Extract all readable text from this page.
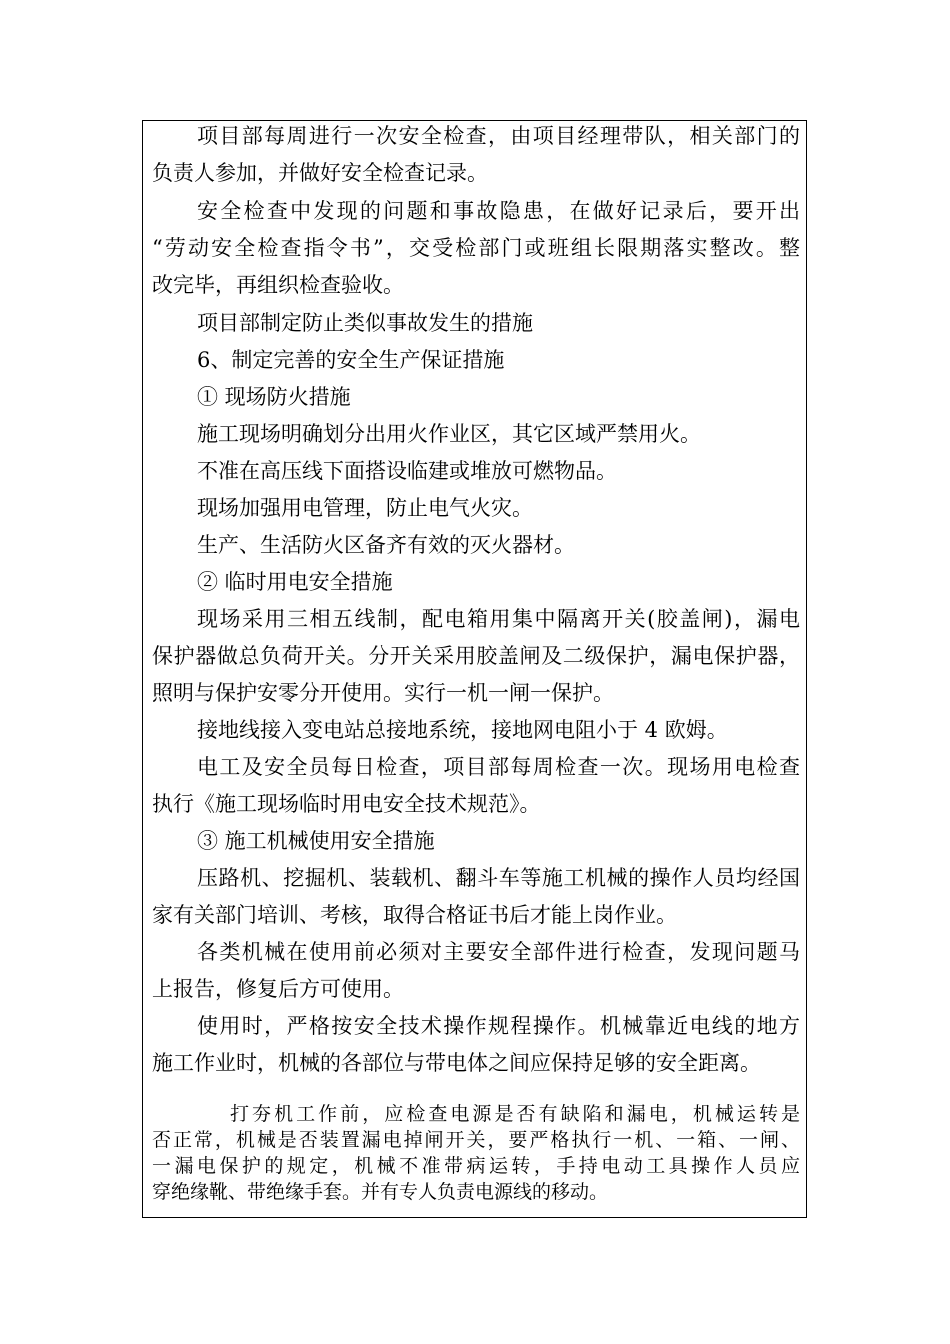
项目部每周进行一次安全检查，由项目经理带队，相关部门的
负责人参加，并做好安全检查记录。
安全检查中发现的问题和事故隐患，在做好记录后，要开出
“劳动安全检查指令书”，交受检部门或班组长限期落实整改。整
改完毕，再组织检查验收。
项目部制定防止类似事故发生的措施
6、制定完善的安全生产保证措施
① 现场防火措施
施工现场明确划分出用火作业区，其它区域严禁用火。
不准在高压线下面搭设临建或堆放可燃物品。
现场加强用电管理，防止电气火灾。
生产、生活防火区备齐有效的灭火器材。
② 临时用电安全措施
现场采用三相五线制，配电箱用集中隔离开关(胶盖闸)，漏电
保护器做总负荷开关。分开关采用胶盖闸及二级保护，漏电保护器，
照明与保护安零分开使用。实行一机一闸一保护。
接地线接入变电站总接地系统，接地网电阻小于 4 欧姆。
电工及安全员每日检查，项目部每周检查一次。现场用电检查
执行《施工现场临时用电安全技术规范》。
③ 施工机械使用安全措施
压路机、挖掘机、装载机、翻斗车等施工机械的操作人员均经国
家有关部门培训、考核，取得合格证书后才能上岗作业。
各类机械在使用前必须对主要安全部件进行检查，发现问题马
上报告，修复后方可使用。
使用时，严格按安全技术操作规程操作。机械靠近电线的地方
施工作业时，机械的各部位与带电体之间应保持足够的安全距离。
打夯机工作前，应检查电源是否有缺陷和漏电，机械运转是
否正常，机械是否装置漏电掉闸开关，要严格执行一机、一箱、一闸、
一漏电保护的规定，机械不准带病运转，手持电动工具操作人员应
穿绝缘靴、带绝缘手套。并有专人负责电源线的移动。
